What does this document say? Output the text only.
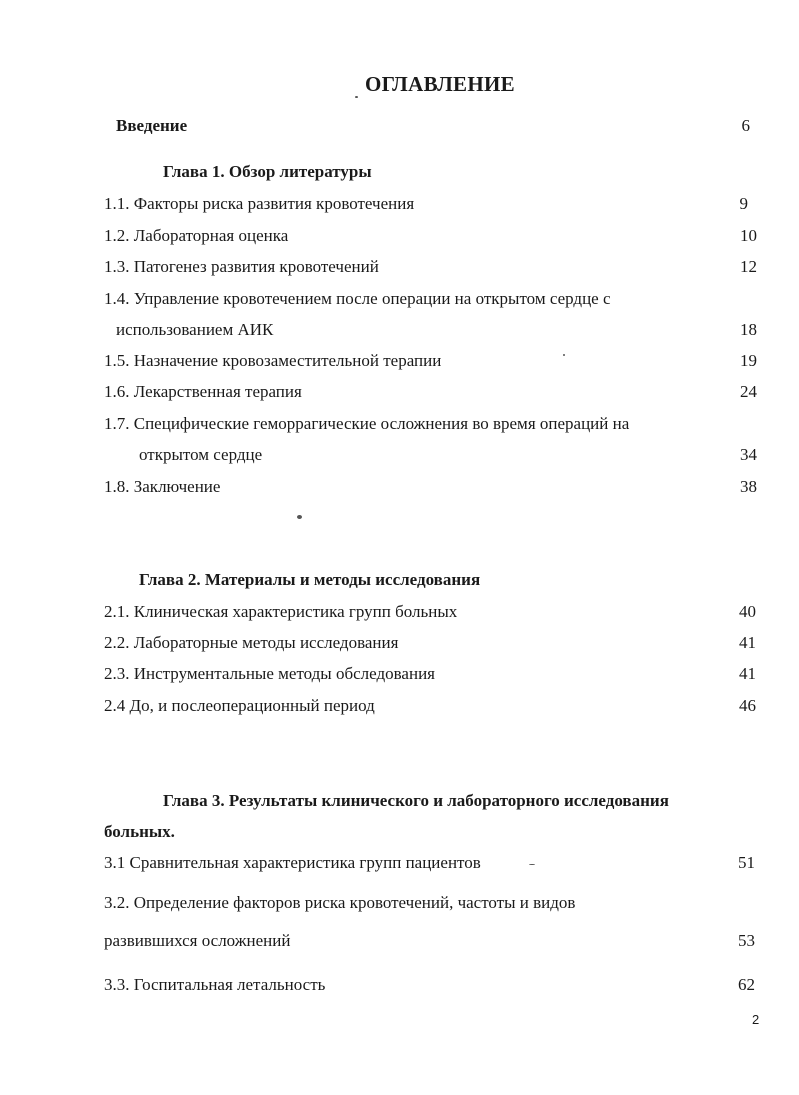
ОГЛАВЛЕНИЕ
Введение	6
Глава 1. Обзор литературы
1.1. Факторы риска развития кровотечения	9
1.2. Лабораторная оценка	10
1.3. Патогенез развития кровотечений	12
1.4. Управление кровотечением после операции на открытом сердце с
использованием АИК	18
1.5. Назначение кровозаместительной терапии	19
1.6. Лекарственная терапия	24
1.7. Специфические геморрагические осложнения во время операций на
открытом сердце	34
1.8. Заключение	38
Глава 2. Материалы и методы исследования
2.1. Клиническая характеристика групп больных	40
2.2. Лабораторные методы исследования	41
2.3. Инструментальные методы обследования	41
2.4 До, и послеоперационный период	46
Глава 3. Результаты клинического и лабораторного исследования
больных.
3.1 Сравнительная характеристика групп пациентов	51
3.2. Определение факторов риска кровотечений, частоты и видов
развившихся осложнений	53
3.3. Госпитальная летальность	62
2
